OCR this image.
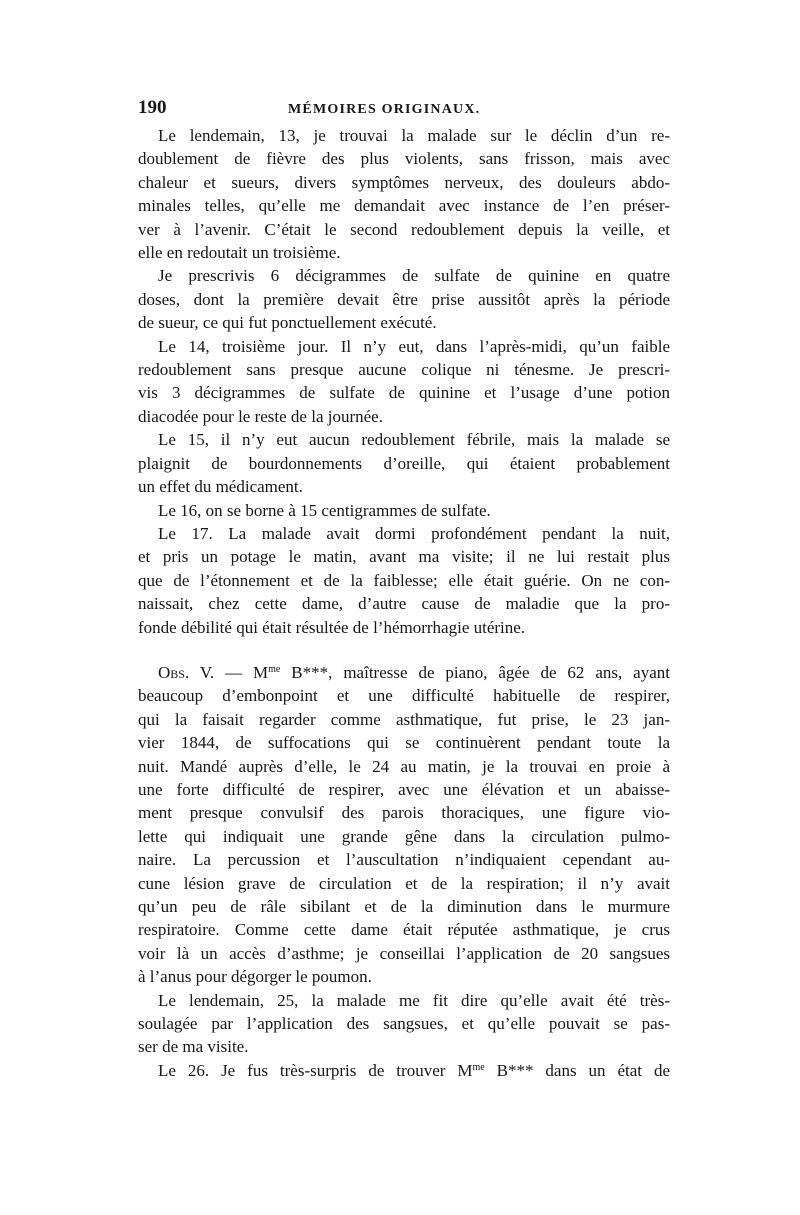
190	MÉMOIRES ORIGINAUX.

Le lendemain, 13, je trouvai la malade sur le déclin d’un re-
doublement de fièvre des plus violents, sans frisson, mais avec
chaleur et sueurs, divers symptômes nerveux, des douleurs abdo-
minales telles, qu’elle me demandait avec instance de l’en préser-
ver à l’avenir. C’était le second redoublement depuis la veille, et
elle en redoutait un troisième.

Je prescrivis 6 décigrammes de sulfate de quinine en quatre
doses, dont la première devait être prise aussitôt après la période
de sueur, ce qui fut ponctuellement exécuté.

Le 14, troisième jour. Il n’y eut, dans l’après-midi, qu’un faible
redoublement sans presque aucune colique ni ténesme. Je prescri-
vis 3 décigrammes de sulfate de quinine et l’usage d’une potion
diacodée pour le reste de la journée.

Le 15, il n’y eut aucun redoublement fébrile, mais la malade se
plaignit de bourdonnements d’oreille, qui étaient probablement
un effet du médicament.

Le 16, on se borne à 15 centigrammes de sulfate.

Le 17. La malade avait dormi profondément pendant la nuit,
et pris un potage le matin, avant ma visite; il ne lui restait plus
que de l’étonnement et de la faiblesse; elle était guérie. On ne con-
naissait, chez cette dame, d’autre cause de maladie que la pro-
fonde débilité qui était résultée de l’hémorrhagie utérine.

Obs. V. — $M^{me}$ B***, maîtresse de piano, âgée de 62 ans, ayant
beaucoup d’embonpoint et une difficulté habituelle de respirer,
qui la faisait regarder comme asthmatique, fut prise, le 23 jan-
vier 1844, de suffocations qui se continuèrent pendant toute la
nuit. Mandé auprès d’elle, le 24 au matin, je la trouvai en proie à
une forte difficulté de respirer, avec une élévation et un abaisse-
ment presque convulsif des parois thoraciques, une figure vio-
lette qui indiquait une grande gêne dans la circulation pulmo-
naire. La percussion et l’auscultation n’indiquaient cependant au-
cune lésion grave de circulation et de la respiration; il n’y avait
qu’un peu de râle sibilant et de la diminution dans le murmure
respiratoire. Comme cette dame était réputée asthmatique, je crus
voir là un accès d’asthme; je conseillai l’application de 20 sangsues
à l’anus pour dégorger le poumon.

Le lendemain, 25, la malade me fit dire qu’elle avait été très-
soulagée par l’application des sangsues, et qu’elle pouvait se pas-
ser de ma visite.

Le 26. Je fus très-surpris de trouver $M^{me}$ B*** dans un état de
